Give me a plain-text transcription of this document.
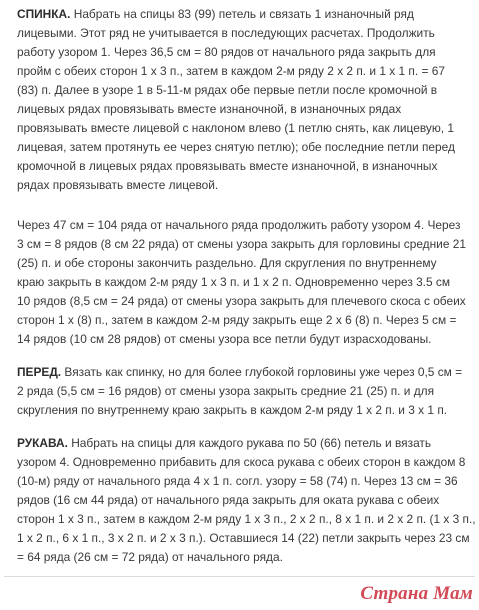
СПИНКА. Набрать на спицы 83 (99) петель и связать 1 изнаночный ряд
лицевыми. Этот ряд не учитывается в последующих расчетах. Продолжить
работу узором 1. Через 36,5 см = 80 рядов от начального ряда закрыть для
пройм с обеих сторон 1 х 3 п., затем в каждом 2-м ряду 2 х 2 п. и 1 х 1 п. = 67
(83) п. Далее в узоре 1 в 5-11-м рядах обе первые петли после кромочной в
лицевых рядах провязывать вместе изнаночной, в изнаночных рядах
провязывать вместе лицевой с наклоном влево (1 петлю снять, как лицевую, 1
лицевая, затем протянуть ее через снятую петлю); обе последние петли перед
кромочной в лицевых рядах провязывать вместе изнаночной, в изнаночных
рядах провязывать вместе лицевой.

Через 47 см = 104 ряда от начального ряда продолжить работу узором 4. Через
3 см = 8 рядов (8 см 22 ряда) от смены узора закрыть для горловины средние 21
(25) п. и обе стороны закончить раздельно. Для скругления по внутреннему
краю закрыть в каждом 2-м ряду 1 х 3 п. и 1 х 2 п. Одновременно через 3.5 см
10 рядов (8,5 см = 24 ряда) от смены узора закрыть для плечевого скоса с обеих
сторон 1 х (8) п., затем в каждом 2-м ряду закрыть еще 2 х 6 (8) п. Через 5 см =
14 рядов (10 см 28 рядов) от смены узора все петли будут израсходованы.

ПЕРЕД. Вязать как спинку, но для более глубокой горловины уже через 0,5 см =
2 ряда (5,5 см = 16 рядов) от смены узора закрыть средние 21 (25) п. и для
скругления по внутреннему краю закрыть в каждом 2-м ряду 1 х 2 п. и 3 х 1 п.

РУКАВА. Набрать на спицы для каждого рукава по 50 (66) петель и вязать
узором 4. Одновременно прибавить для скоса рукава с обеих сторон в каждом 8
(10-м) ряду от начального ряда 4 х 1 п. согл. узору = 58 (74) п. Через 13 см = 36
рядов (16 см 44 ряда) от начального ряда закрыть для оката рукава с обеих
сторон 1 х 3 п., затем в каждом 2-м ряду 1 х 3 п., 2 х 2 п., 8 х 1 п. и 2 х 2 п. (1 х 3 п.,
1 х 2 п., 6 х 1 п., 3 х 2 п. и 2 х 3 п.). Оставшиеся 14 (22) петли закрыть через 23 см
= 64 ряда (26 см = 72 ряда) от начального ряда.

Страна Мам
